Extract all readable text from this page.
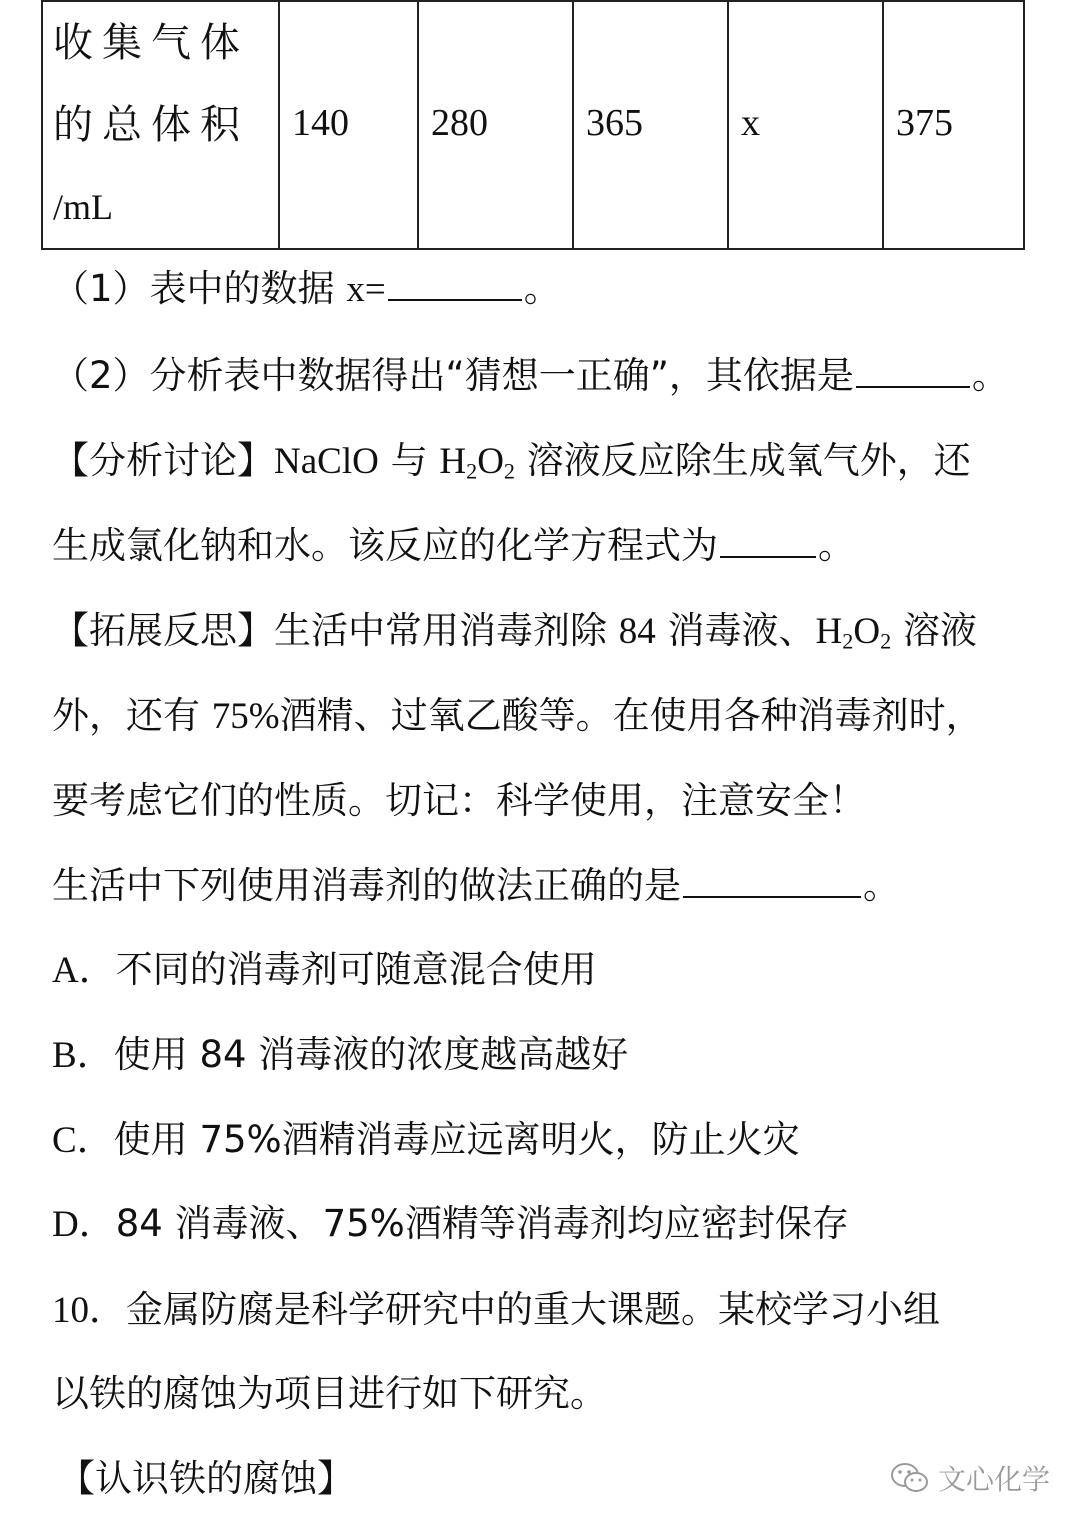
收集气体
的总体积
/mL
	140	280	365	x	375
（1）表中的数据 x=	。
（2）分析表中数据得出“猜想一正确”，其依据是	。
【分析讨论】NaClO 与 $H_2O_2$ 溶液反应除生成氧气外，还
生成氯化钠和水。该反应的化学方程式为	。
【拓展反思】生活中常用消毒剂除 84 消毒液、$H_2O_2$ 溶液
外，还有 75%酒精、过氧乙酸等。在使用各种消毒剂时，
要考虑它们的性质。切记：科学使用，注意安全！
生活中下列使用消毒剂的做法正确的是	。
A．不同的消毒剂可随意混合使用
B．使用 84 消毒液的浓度越高越好
C．使用 75%酒精消毒应远离明火，防止火灾
D．84 消毒液、75%酒精等消毒剂均应密封保存
10．金属防腐是科学研究中的重大课题。某校学习小组
以铁的腐蚀为项目进行如下研究。
【认识铁的腐蚀】	文心化学
